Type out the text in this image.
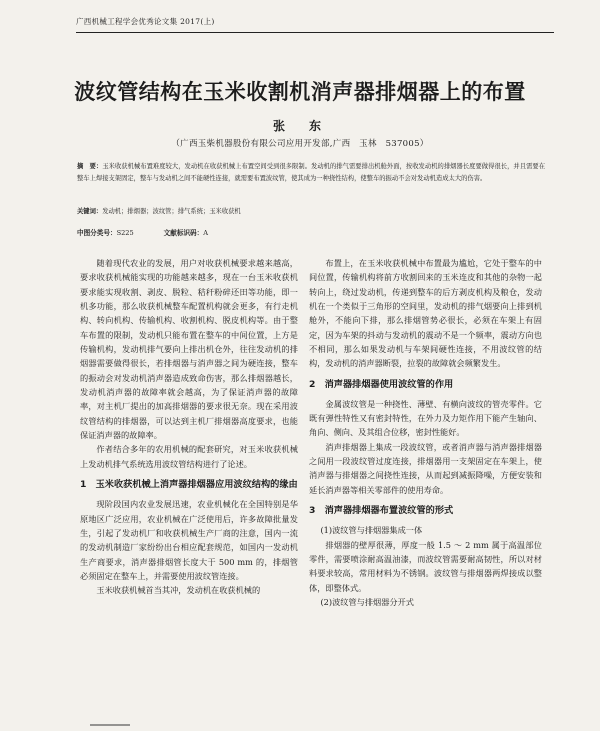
广西机械工程学会优秀论文集 2017(上)
波纹管结构在玉米收割机消声器排烟器上的布置
张　东
（广西玉柴机器股份有限公司应用开发部,广西　玉林　537005）
摘　要：玉米收获机械布置难度较大，发动机在收获机械上布置空间受到很多限制。发动机的排气需要排出机舱外面，按收发动机的排烟器长度要做得很长，并且需要在整车上焊接支架固定，整车与发动机之间不能硬性连接，就需要布置波纹管，使其成为一种挠性结构，使整车的振动不会对发动机造成太大的伤害。
关键词：发动机；排烟器；波纹管；排气系统；玉米收获机
中图分类号：S225	文献标识码：A

随着现代农业的发展，用户对收获机械要求越来越高，要求收获机械能实现的功能越来越多，现在一台玉米收获机要求能实现收割、剥皮、脱粒、秸秆粉碎还田等功能，即一机多功能，那么收获机械整车配置机构就会更多，有行走机构、转向机构、传输机构、收割机构、脱皮机构等。由于整车布置的限制，发动机只能布置在整车的中间位置，上方是传输机构，发动机排气要向上排出机仓外，往往发动机的排烟器需要做得很长，若排烟器与消声器之间为硬连接，整车的振动会对发动机消声器造成致命伤害，那么排烟器越长，发动机消声器的故障率就会越高，为了保证消声器的故障率，对主机厂提出的加高排烟器的要求很无奈。现在采用波纹管结构的排烟器，可以达到主机厂排烟器高度要求，也能保证消声器的故障率。

作者结合多年的农用机械的配套研究，对玉米收获机械上发动机排气系统选用波纹管结构进行了论述。

1　玉米收获机械上消声器排烟器应用波纹结构的缘由

现阶段国内农业发展迅速，农业机械化在全国特别是华原地区广泛应用，农业机械在广泛使用后，许多故障批量发生，引起了发动机厂和收获机械生产厂商的注意，国内一流的发动机制造厂家纷纷出台相应配套规范，如国内一发动机生产商要求，消声器排烟管长度大于 500 mm 的，排烟管必须固定在整车上，并需要使用波纹管连接。

玉米收获机械首当其冲，发动机在收获机械的

布置上，在玉米收获机械中布置最为尴尬，它处于整车的中间位置，传输机构将前方收割回来的玉米连皮和其他的杂物一起转向上，绕过发动机，传递到整车的后方剥皮机构及粮仓，发动机在一个类似于三角形的空间里，发动机的排气烟要向上排到机舱外，不能向下排，那么排烟管势必很长，必须在车架上有固定，因为车架的抖动与发动机的震动不是一个频率，震动方向也不相同，那么如果发动机与车架间硬性连接，不用波纹管的结构，发动机的消声器断裂，拉裂的故障就会频繁发生。

2　消声器排烟器使用波纹管的作用

金属波纹管是一种挠性、薄壁、有横向波纹的管壳零件。它既有弹性特性又有密封特性，在外力及力矩作用下能产生轴向、角向、侧向、及其组合位移，密封性能好。

消声排烟器上集成一段波纹管，或者消声器与消声器排烟器之间用一段波纹管过度连接，排烟器用一支架固定在车架上，使消声器与排烟器之间挠性连接，从而起到减振降噪，方便安装和延长消声器等相关零部件的使用寿命。

3　消声器排烟器布置波纹管的形式

(1)波纹管与排烟器集成一体

排烟器的壁厚很薄，厚度一般 1.5 ～ 2 mm 属于高温部位零件，需要喷涂耐高温油漆，而波纹管需要耐高韧性，所以对材料要求较高，常用材料为不锈钢。波纹管与排烟器两焊接成以整体，即整体式。

(2)波纹管与排烟器分开式
